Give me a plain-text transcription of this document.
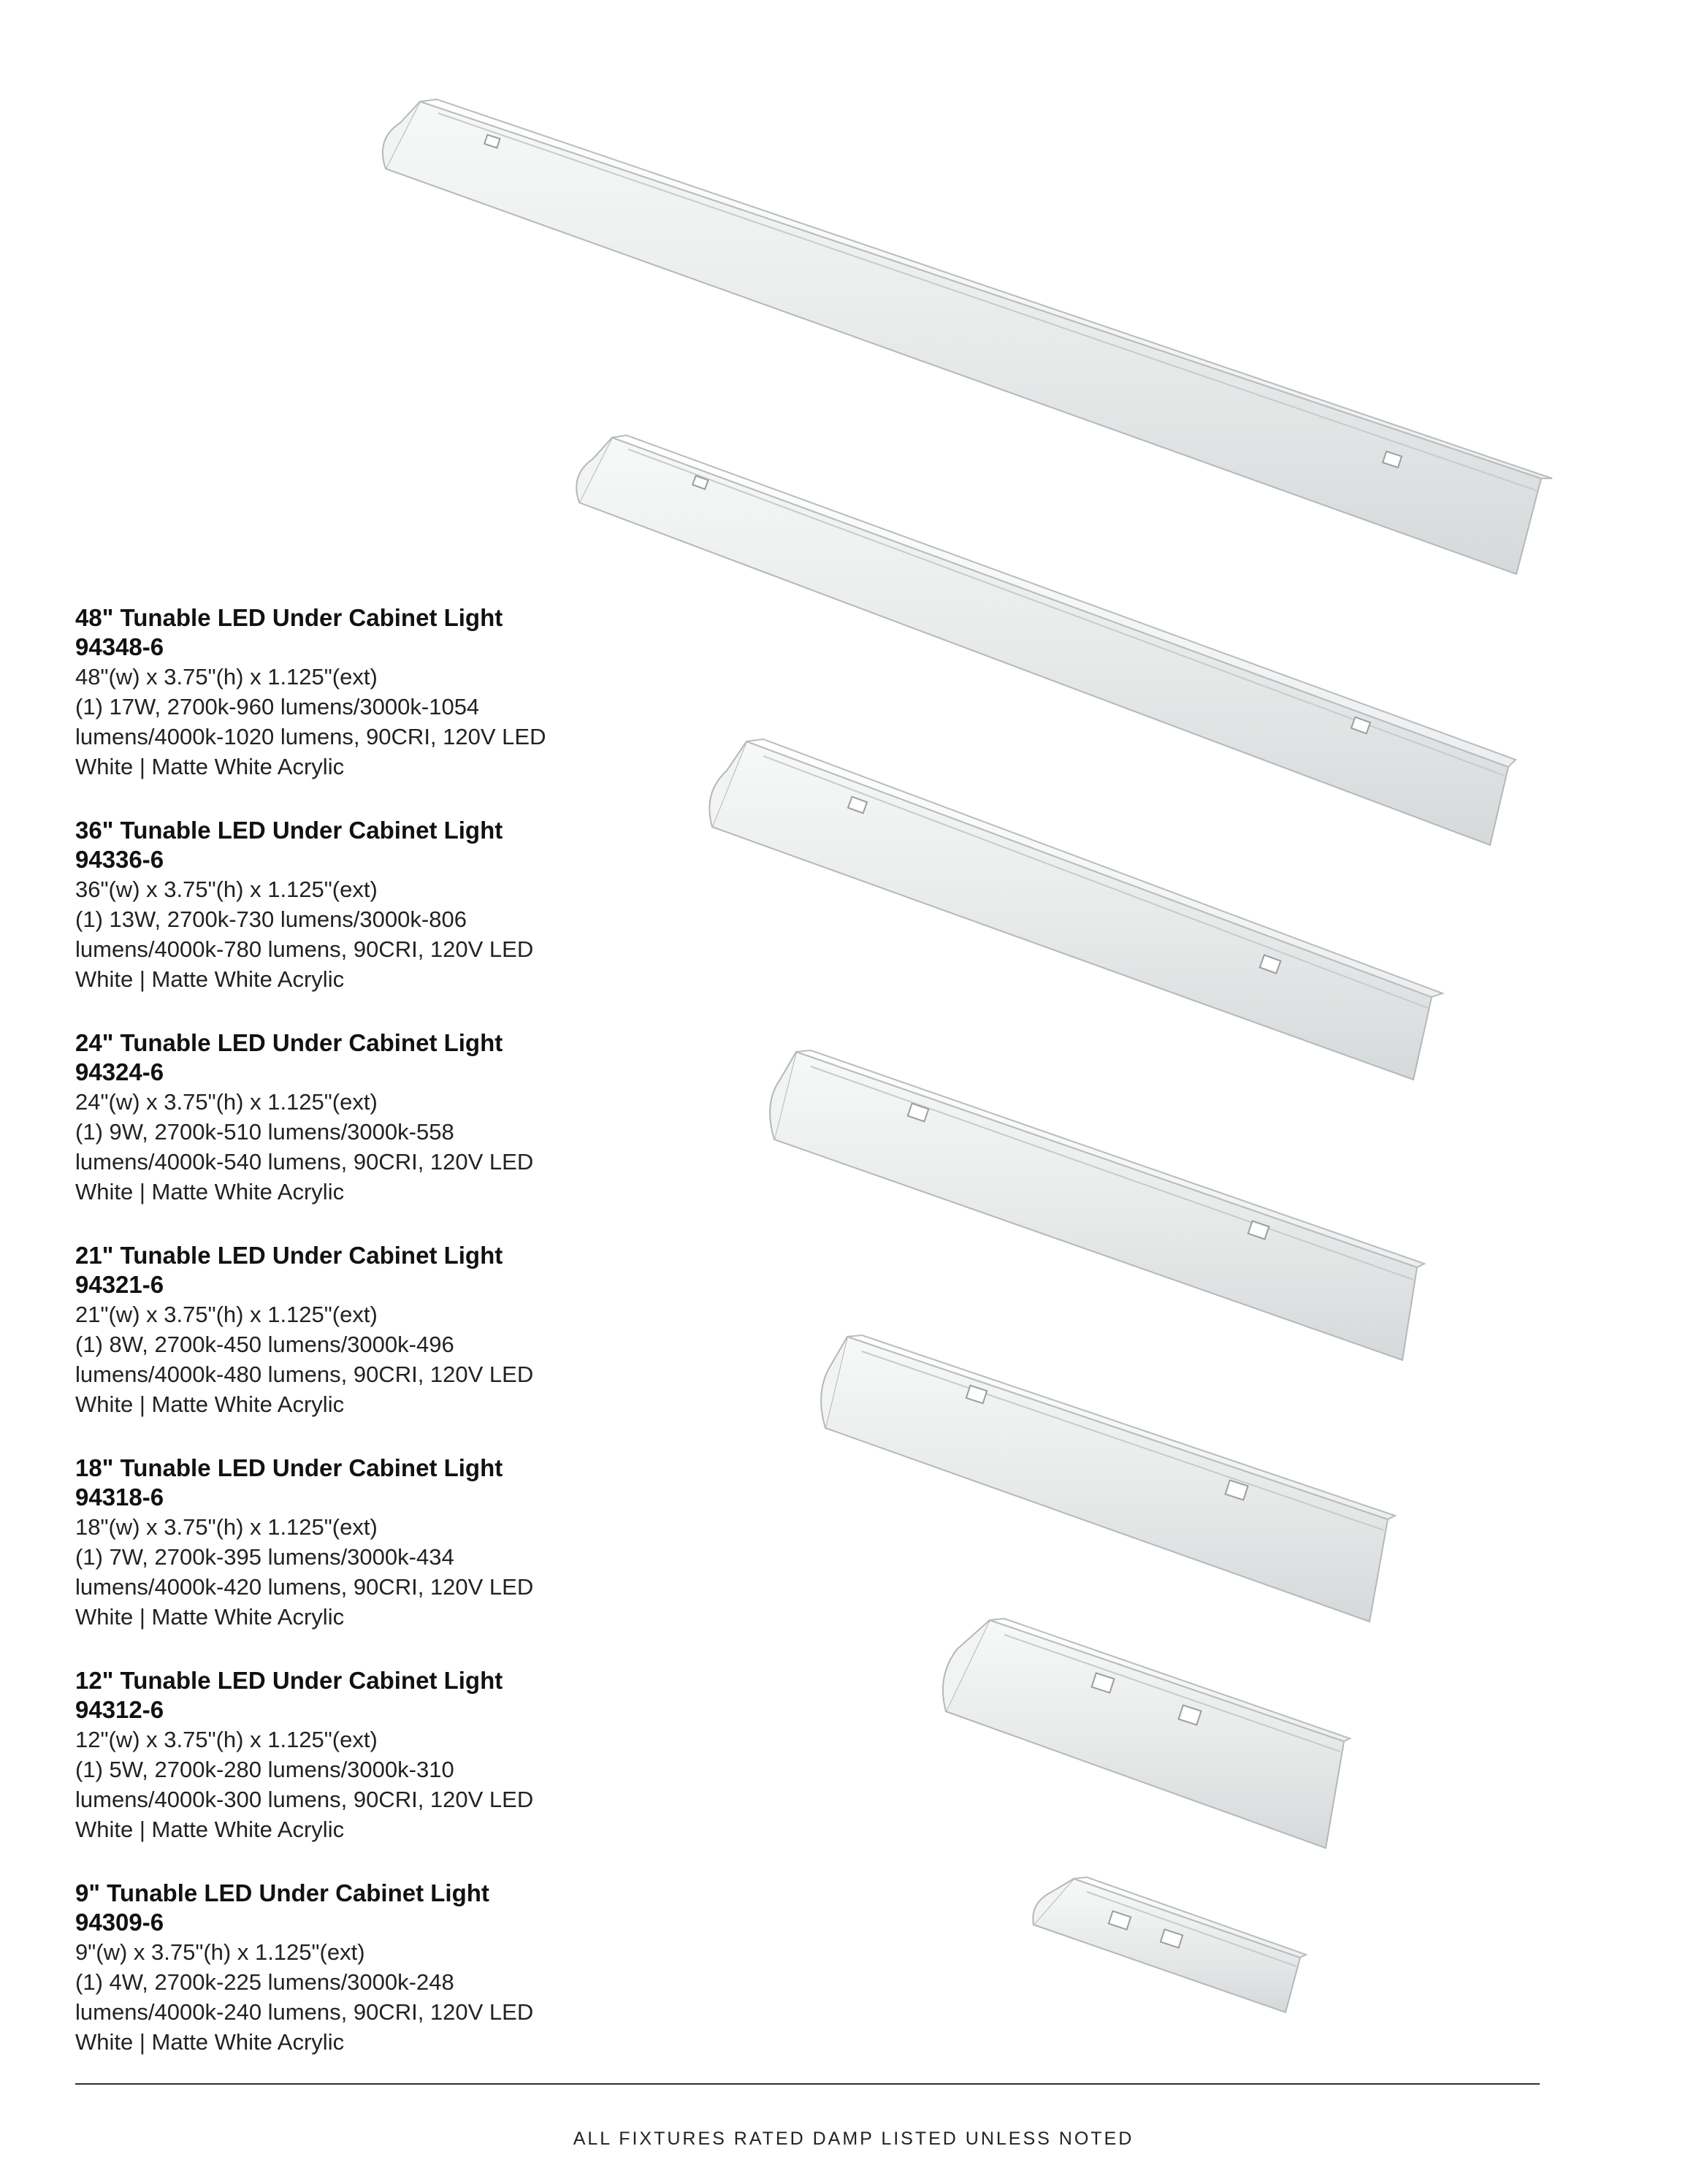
48" Tunable LED Under Cabinet Light
94348-6
48"(w) x 3.75"(h) x 1.125"(ext)
(1) 17W, 2700k-960 lumens/3000k-1054
lumens/4000k-1020 lumens, 90CRI, 120V LED
White | Matte White Acrylic
36" Tunable LED Under Cabinet Light
94336-6
36"(w) x 3.75"(h) x 1.125"(ext)
(1) 13W, 2700k-730 lumens/3000k-806
lumens/4000k-780 lumens, 90CRI, 120V LED
White | Matte White Acrylic
24" Tunable LED Under Cabinet Light
94324-6
24"(w) x 3.75"(h) x 1.125"(ext)
(1) 9W, 2700k-510 lumens/3000k-558
lumens/4000k-540 lumens, 90CRI, 120V LED
White | Matte White Acrylic
21" Tunable LED Under Cabinet Light
94321-6
21"(w) x 3.75"(h) x 1.125"(ext)
(1) 8W, 2700k-450 lumens/3000k-496
lumens/4000k-480 lumens, 90CRI, 120V LED
White | Matte White Acrylic
18" Tunable LED Under Cabinet Light
94318-6
18"(w) x 3.75"(h) x 1.125"(ext)
(1) 7W, 2700k-395 lumens/3000k-434
lumens/4000k-420 lumens, 90CRI, 120V LED
White | Matte White Acrylic
12" Tunable LED Under Cabinet Light
94312-6
12"(w) x 3.75"(h) x 1.125"(ext)
(1) 5W, 2700k-280 lumens/3000k-310
lumens/4000k-300 lumens, 90CRI, 120V LED
White | Matte White Acrylic
9" Tunable LED Under Cabinet Light
94309-6
9"(w) x 3.75"(h) x 1.125"(ext)
(1) 4W, 2700k-225 lumens/3000k-248
lumens/4000k-240 lumens, 90CRI, 120V LED
White | Matte White Acrylic
ALL FIXTURES RATED DAMP LISTED UNLESS NOTED
